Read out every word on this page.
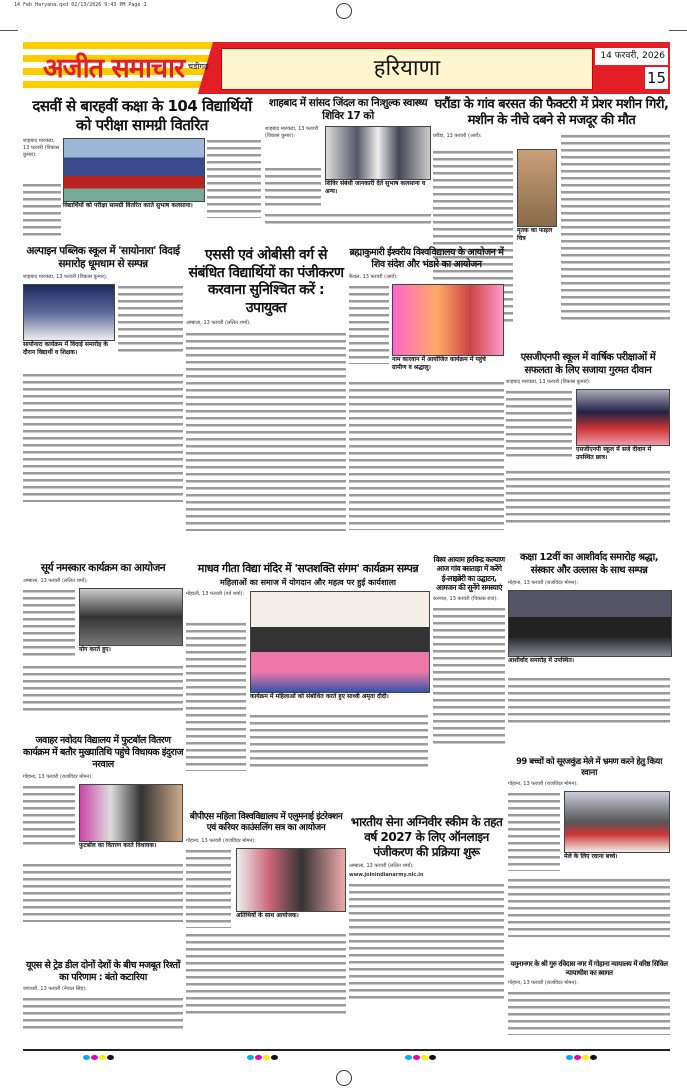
14 Feb Haryana.qxd 02/13/2026 9:43 PM Page 1
अजीत समाचार चंडीगढ़	हरियाणा	14 फरवरी, 2026
15
दसवीं से बारहवीं कक्षा के 104 विद्यार्थियों को परीक्षा सामग्री वितरित
शाहबाद मारकंडा, 13 फरवरी (विकास कुमार):
विद्यार्थियों को परीक्षा सामग्री वितरित करते सुभाष कलसाना।
शाहबाद में सांसद जिंदल का निःशुल्क स्वास्थ्य शिविर 17 को
शाहबाद मारकंडा, 13 फरवरी (विकास कुमार):
शिविर संबंधी जानकारी देते सुभाष कलसाना व अन्य।
घरौंडा के गांव बरसत की फैक्टरी में प्रेशर मशीन गिरी, मशीन के नीचे दबने से मजदूर की मौत
घरौंडा, 13 फरवरी (आर्य):
मृतक का फाइल चित्र
अल्पाइन पब्लिक स्कूल में 'सायोनारा' विदाई समारोह धूमधाम से सम्पन्न
शाहबाद मारकंडा, 13 फरवरी (विकास कुमार):
सायोनारा कार्यक्रम में विदाई समारोह के दौरान विद्यार्थी व शिक्षक।
एससी एवं ओबीसी वर्ग से संबंधित विद्यार्थियों का पंजीकरण करवाना सुनिश्चित करें : उपायुक्त
अम्बाला, 13 फरवरी (ललित शर्मा):
ब्रह्माकुमारी ईश्वरीय विश्वविद्यालय के आयोजन में शिव संदेश और भंडारे का आयोजन
कैथल, 13 फरवरी (आर्य):
नाम कारवान में आयोजित कार्यक्रम में पहुंचे ग्रामीण व श्रद्धालु।
एसजीएनपी स्कूल में वार्षिक परीक्षाओं में सफलता के लिए सजाया गुरमत दीवान
शाहबाद मारकंडा, 13 फरवरी (विकास कुमार):
एसजीएनपी स्कूल में सजे दीवान में उपस्थित छात्र।
सूर्य नमस्कार कार्यक्रम का आयोजन
अम्बाला, 13 फरवरी (ललित शर्मा):
योग करते हुए।
माधव गीता विद्या मंदिर में 'सप्तशक्ति संगम' कार्यक्रम सम्पन्न
महिलाओं का समाज में योगदान और महत्व पर हुई कार्यशाला
मोहाली, 13 फरवरी (पर्व शर्मा):
कार्यक्रम में महिलाओं को संबोधित करते हुए साध्वी अमृता दीदी।
विश्व आयाम हरविन्द्र कल्याण आज गांव बसताड़ा में करेंगे ई-लाइब्रेरी का उद्घाटन, आमजन की सुनेंगे समस्याएं
करनाल, 13 फरवरी (विकास राज):
कक्षा 12वीं का आशीर्वाद समारोह श्रद्धा, संस्कार और उल्लास के साथ सम्पन्न
मोहाना, 13 फरवरी (राजविंदर मोमन):
आशीर्वाद समारोह में उपस्थित।
जवाहर नवोदय विद्यालय में फुटबॉल वितरण कार्यक्रम में बतौर मुख्यातिथि पहुंचे विधायक इंदुराज नरवाल
गोहाना, 13 फरवरी (राजविंदर मोमन):
फुटबॉल का वितरण करते विधायक।
बीपीएस महिला विश्वविद्यालय में एलुमनाई इंटरेक्शन एवं करियर काउंसलिंग सत्र का आयोजन
गोहाना, 13 फरवरी (राजविंदर मोमन):
अतिथियों के साथ आयोजक।
भारतीय सेना अग्निवीर स्कीम के तहत वर्ष 2027 के लिए ऑनलाइन पंजीकरण की प्रक्रिया शुरू
अम्बाला, 13 फरवरी (ललित शर्मा):
www.joinindianarmy.nic.in
99 बच्चों को सूरजकुंड मेले में भ्रमण करने हेतु किया रवाना
गोहाना, 13 फरवरी (राजविंदर मोमन):
मेले के लिए रवाना बच्चे।
यूएस से ट्रेड डील दोनों देशों के बीच मजबूत रिश्तों का परिणाम : बंतो कटारिया
जगाधरी, 13 फरवरी (नेपाल सिंह):
यमुनानगर के श्री गुरु रविदास नगर में गोहाना न्यायालय में वरिष्ठ सिविल न्यायाधीश का स्वागत
गोहाना, 13 फरवरी (राजविंदर मोमन):
